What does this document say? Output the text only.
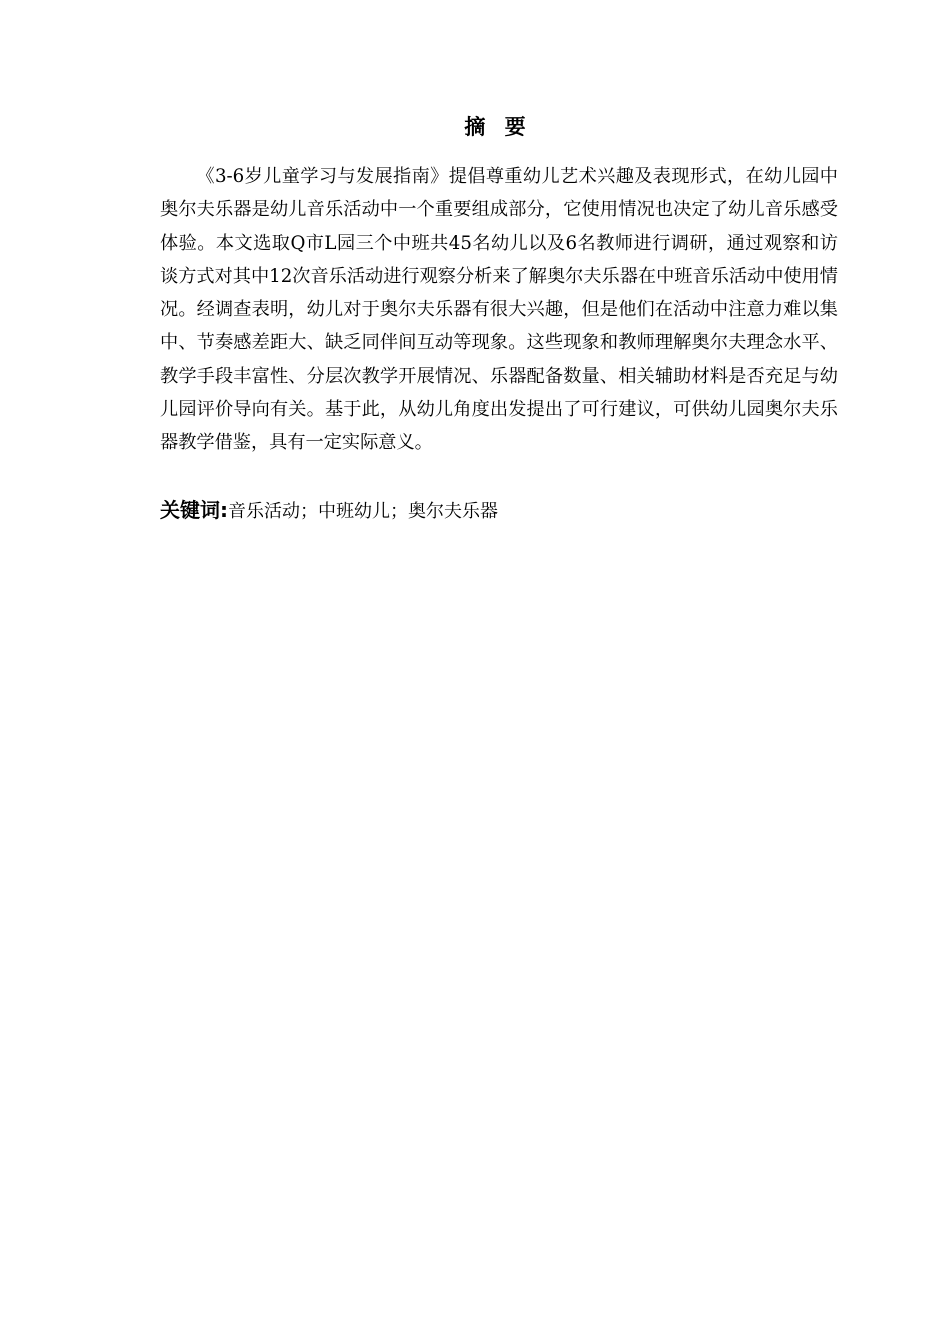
摘 要

《3-6岁儿童学习与发展指南》提倡尊重幼儿艺术兴趣及表现形式，在幼儿园中奥尔夫乐器是幼儿音乐活动中一个重要组成部分，它使用情况也决定了幼儿音乐感受体验。本文选取Q市L园三个中班共45名幼儿以及6名教师进行调研，通过观察和访谈方式对其中12次音乐活动进行观察分析来了解奥尔夫乐器在中班音乐活动中使用情况。经调查表明，幼儿对于奥尔夫乐器有很大兴趣，但是他们在活动中注意力难以集中、节奏感差距大、缺乏同伴间互动等现象。这些现象和教师理解奥尔夫理念水平、教学手段丰富性、分层次教学开展情况、乐器配备数量、相关辅助材料是否充足与幼儿园评价导向有关。基于此，从幼儿角度出发提出了可行建议，可供幼儿园奥尔夫乐器教学借鉴，具有一定实际意义。

关键词:音乐活动；中班幼儿；奥尔夫乐器
